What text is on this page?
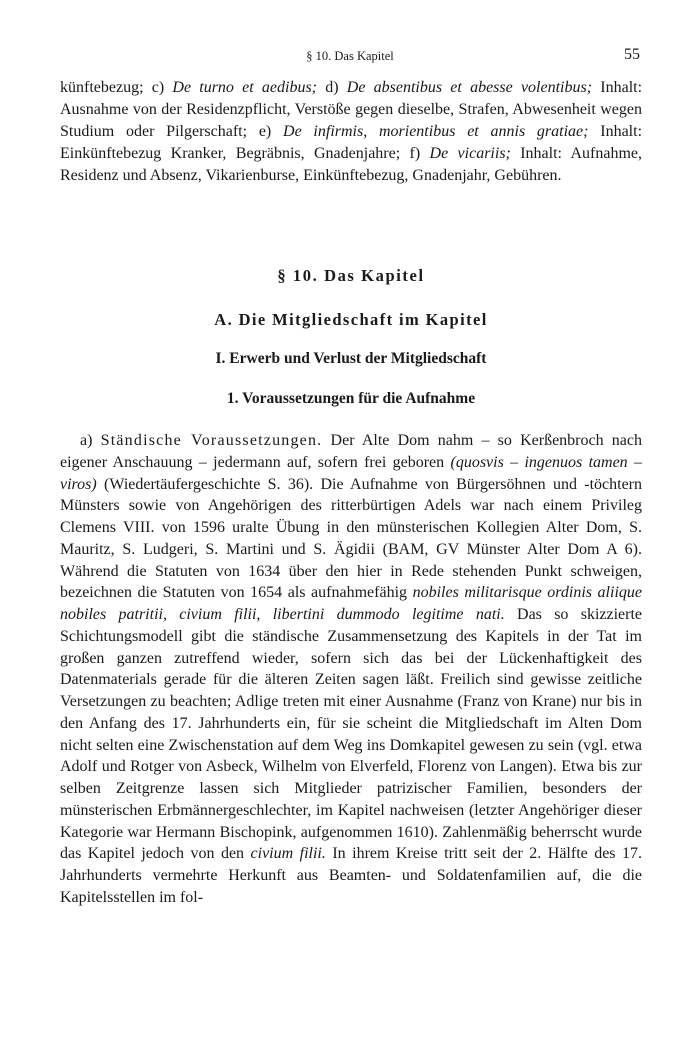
§ 10. Das Kapitel	55

künftebezug; c) De turno et aedibus; d) De absentibus et abesse volentibus; Inhalt: Ausnahme von der Residenzpflicht, Verstöße gegen dieselbe, Strafen, Abwesenheit wegen Studium oder Pilgerschaft; e) De infirmis, morientibus et annis gratiae; Inhalt: Einkünftebezug Kranker, Begräbnis, Gnadenjahre; f) De vicariis; Inhalt: Aufnahme, Residenz und Absenz, Vikarienburse, Einkünftebezug, Gnadenjahr, Gebühren.

§ 10. Das Kapitel
A. Die Mitgliedschaft im Kapitel
I. Erwerb und Verlust der Mitgliedschaft
1. Voraussetzungen für die Aufnahme

a) Ständische Voraussetzungen. Der Alte Dom nahm – so Kerßenbroch nach eigener Anschauung – jedermann auf, sofern frei geboren (quosvis – ingenuos tamen – viros) (Wiedertäufergeschichte S. 36). Die Aufnahme von Bürgersöhnen und -töchtern Münsters sowie von Angehörigen des ritterbürtigen Adels war nach einem Privileg Clemens VIII. von 1596 uralte Übung in den münsterischen Kollegien Alter Dom, S. Mauritz, S. Ludgeri, S. Martini und S. Ägidii (BAM, GV Münster Alter Dom A 6). Während die Statuten von 1634 über den hier in Rede stehenden Punkt schweigen, bezeichnen die Statuten von 1654 als aufnahmefähig nobiles militarisque ordinis aliique nobiles patritii, civium filii, libertini dummodo legitime nati. Das so skizzierte Schichtungsmodell gibt die ständische Zusammensetzung des Kapitels in der Tat im großen ganzen zutreffend wieder, sofern sich das bei der Lückenhaftigkeit des Datenmaterials gerade für die älteren Zeiten sagen läßt. Freilich sind gewisse zeitliche Versetzungen zu beachten; Adlige treten mit einer Ausnahme (Franz von Krane) nur bis in den Anfang des 17. Jahrhunderts ein, für sie scheint die Mitgliedschaft im Alten Dom nicht selten eine Zwischenstation auf dem Weg ins Domkapitel gewesen zu sein (vgl. etwa Adolf und Rotger von Asbeck, Wilhelm von Elverfeld, Florenz von Langen). Etwa bis zur selben Zeitgrenze lassen sich Mitglieder patrizischer Familien, besonders der münsterischen Erbmännergeschlechter, im Kapitel nachweisen (letzter Angehöriger dieser Kategorie war Hermann Bischopink, aufgenommen 1610). Zahlenmäßig beherrscht wurde das Kapitel jedoch von den civium filii. In ihrem Kreise tritt seit der 2. Hälfte des 17. Jahrhunderts vermehrte Herkunft aus Beamten- und Soldatenfamilien auf, die die Kapitelsstellen im fol-
